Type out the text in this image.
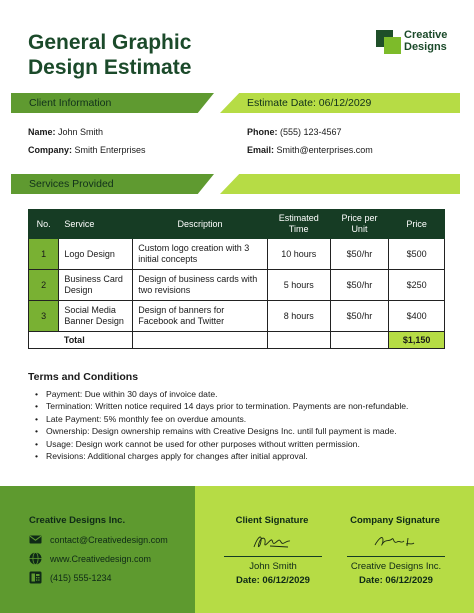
General Graphic
Design Estimate
Creative
Designs
Client Information	Estimate Date: 06/12/2029
Name: John Smith
Company: Smith Enterprises
Phone: (555) 123-4567
Email: Smith@enterprises.com
Services Provided
No.	Service	Description	Estimated Time	Price per Unit	Price
1	Logo Design	Custom logo creation with 3 initial concepts	10 hours	$50/hr	$500
2	Business Card Design	Design of business cards with two revisions	5 hours	$50/hr	$250
3	Social Media Banner Design	Design of banners for Facebook and Twitter	8 hours	$50/hr	$400
	Total				$1,150
Terms and Conditions
• Payment: Due within 30 days of invoice date.
• Termination: Written notice required 14 days prior to termination. Payments are non-refundable.
• Late Payment: 5% monthly fee on overdue amounts.
• Ownership: Design ownership remains with Creative Designs Inc. until full payment is made.
• Usage: Design work cannot be used for other purposes without written permission.
• Revisions: Additional charges apply for changes after initial approval.
Creative Designs Inc.
contact@Creativedesign.com
www.Creativedesign.com
(415) 555-1234
Client Signature
John Smith
Date: 06/12/2029
Company Signature
Creative Designs Inc.
Date: 06/12/2029
